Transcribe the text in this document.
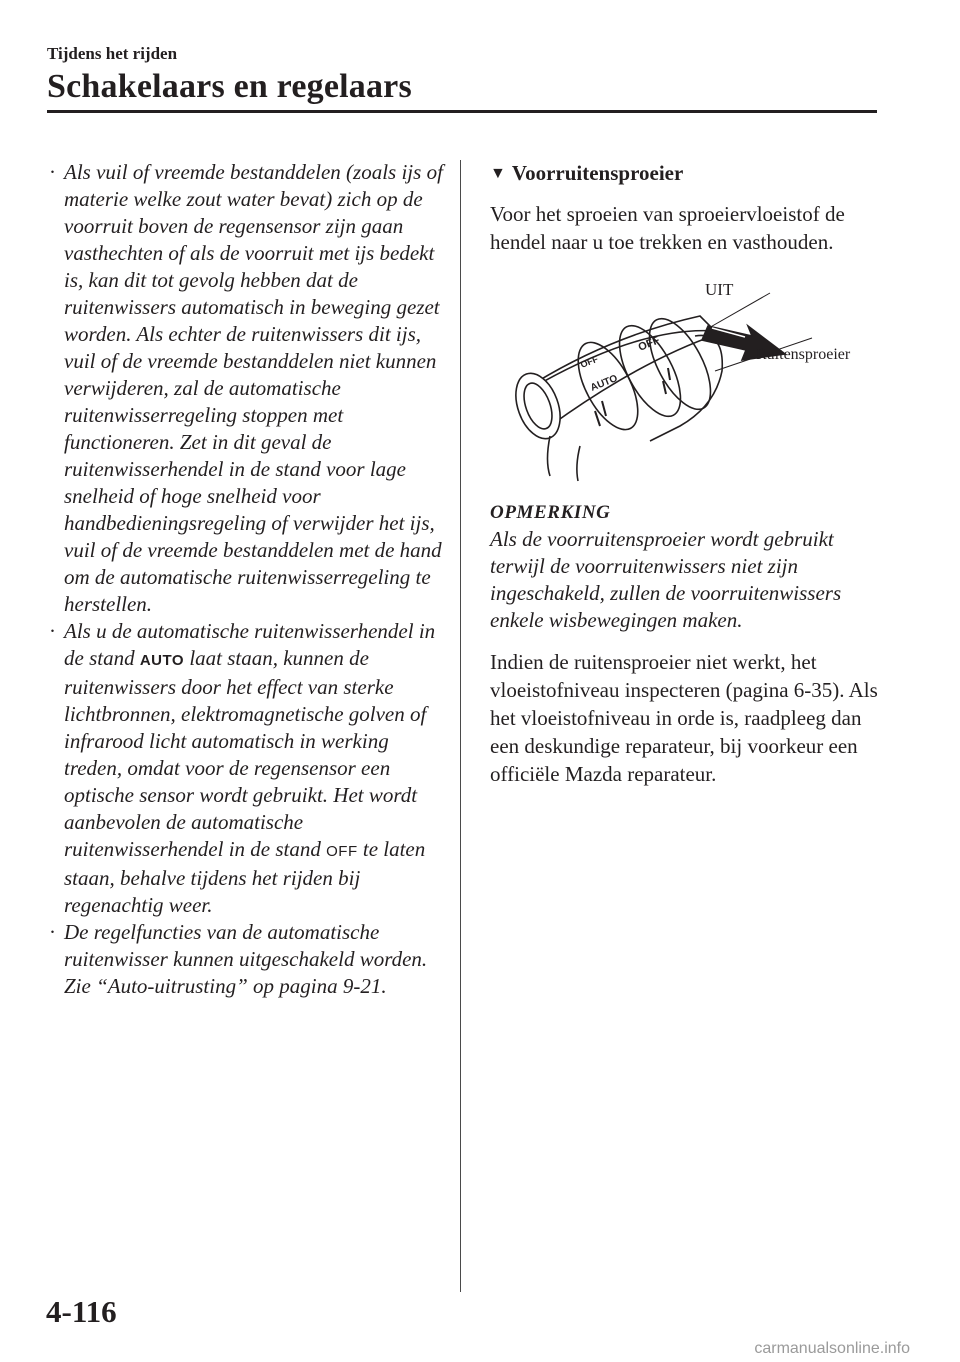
Tijdens het rijden
Schakelaars en regelaars
· Als vuil of vreemde bestanddelen (zoals ijs of materie welke zout water bevat) zich op de voorruit boven de regensensor zijn gaan vasthechten of als de voorruit met ijs bedekt is, kan dit tot gevolg hebben dat de ruitenwissers automatisch in beweging gezet worden. Als echter de ruitenwissers dit ijs, vuil of de vreemde bestanddelen niet kunnen verwijderen, zal de automatische ruitenwisserregeling stoppen met functioneren. Zet in dit geval de ruitenwisserhendel in de stand voor lage snelheid of hoge snelheid voor handbedieningsregeling of verwijder het ijs, vuil of de vreemde bestanddelen met de hand om de automatische ruitenwisserregeling te herstellen.
· Als u de automatische ruitenwisserhendel in de stand AUTO laat staan, kunnen de ruitenwissers door het effect van sterke lichtbronnen, elektromagnetische golven of infrarood licht automatisch in werking treden, omdat voor de regensensor een optische sensor wordt gebruikt. Het wordt aanbevolen de automatische ruitenwisserhendel in de stand OFF te laten staan, behalve tijdens het rijden bij regenachtig weer.
· De regelfuncties van de automatische ruitenwisser kunnen uitgeschakeld worden.
Zie “Auto-uitrusting” op pagina 9-21.
▼ Voorruitensproeier

Voor het sproeien van sproeiervloeistof de hendel naar u toe trekken en vasthouden.

OFF
AUTO
OFF
UIT
Ruitensproeier
OPMERKING
Als de voorruitensproeier wordt gebruikt terwijl de voorruitenwissers niet zijn ingeschakeld, zullen de voorruitenwissers enkele wisbewegingen maken.

Indien de ruitensproeier niet werkt, het vloeistofniveau inspecteren (pagina 6-35). Als het vloeistofniveau in orde is, raadpleeg dan een deskundige reparateur, bij voorkeur een officiële Mazda reparateur.

4-116
carmanualsonline.info
